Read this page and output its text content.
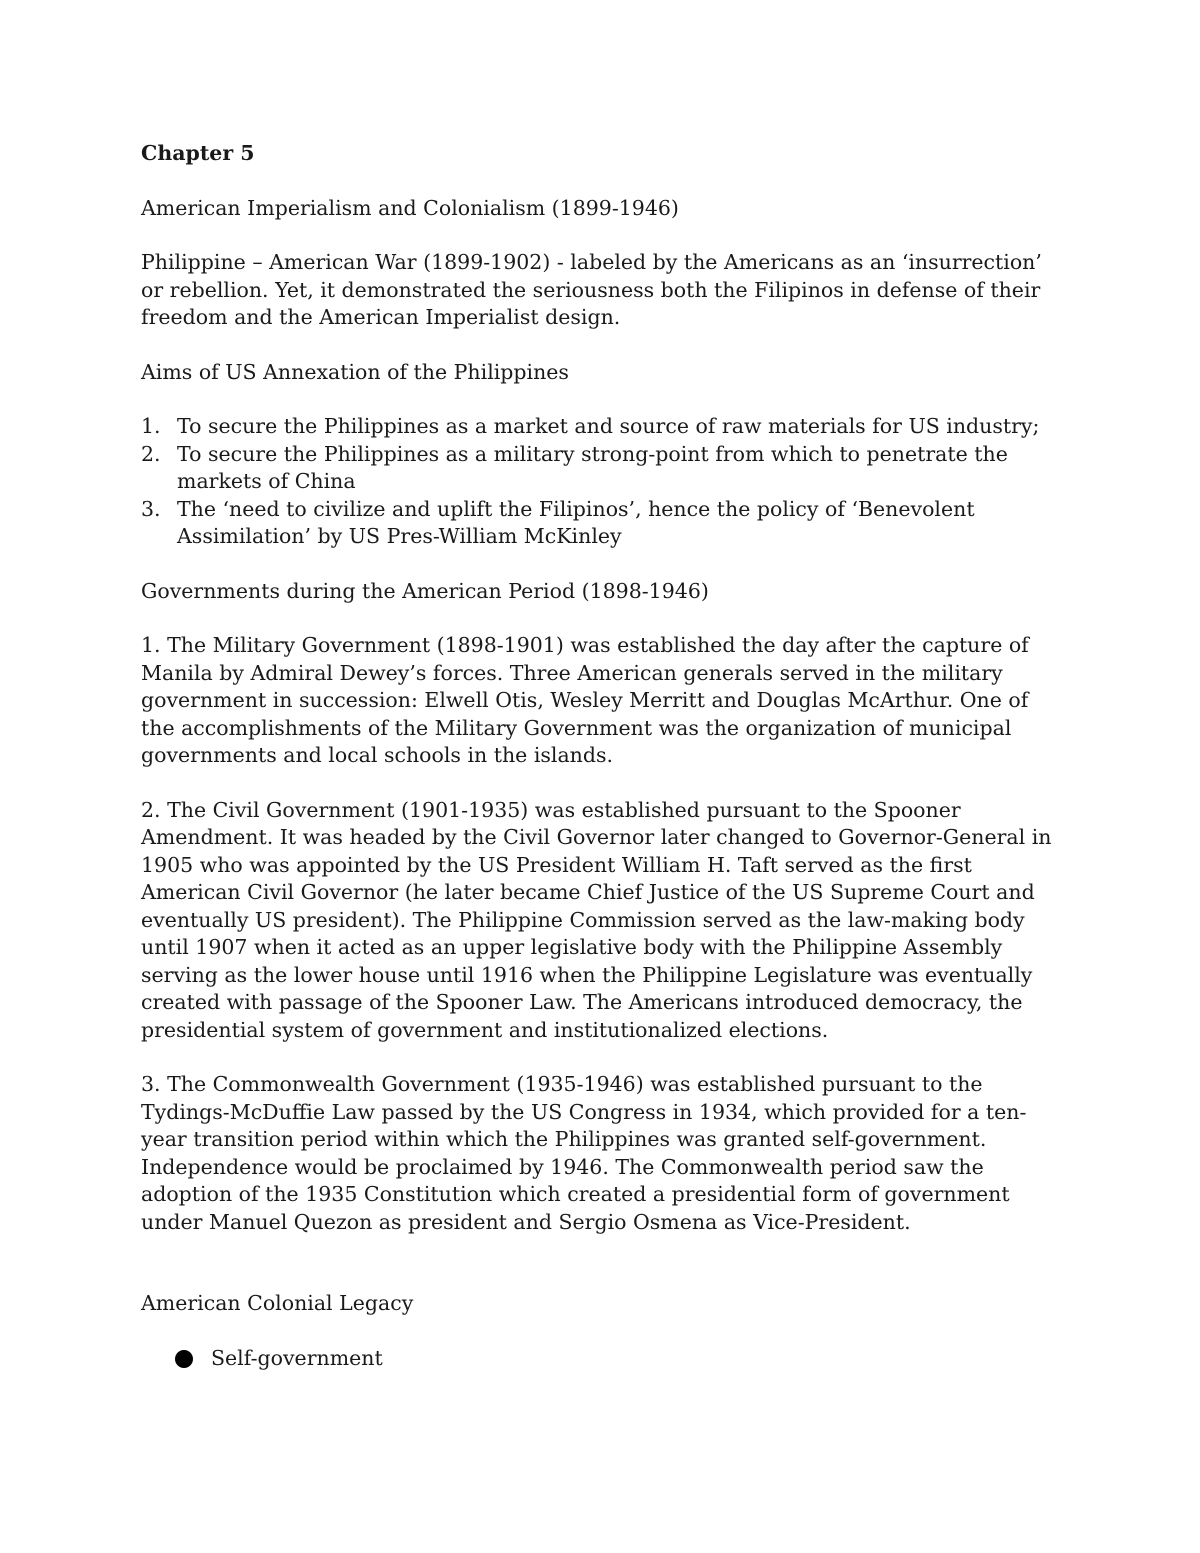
Chapter 5

American Imperialism and Colonialism (1899-1946)

Philippine – American War (1899-1902) - labeled by the Americans as an ‘insurrection’ or rebellion. Yet, it demonstrated the seriousness both the Filipinos in defense of their freedom and the American Imperialist design.

Aims of US Annexation of the Philippines

1. To secure the Philippines as a market and source of raw materials for US industry;
2. To secure the Philippines as a military strong-point from which to penetrate the markets of China
3. The ‘need to civilize and uplift the Filipinos’, hence the policy of ‘Benevolent Assimilation’ by US Pres-William McKinley

Governments during the American Period (1898-1946)

1. The Military Government (1898-1901) was established the day after the capture of Manila by Admiral Dewey’s forces. Three American generals served in the military government in succession: Elwell Otis, Wesley Merritt and Douglas McArthur. One of the accomplishments of the Military Government was the organization of municipal governments and local schools in the islands.

2. The Civil Government (1901-1935) was established pursuant to the Spooner Amendment. It was headed by the Civil Governor later changed to Governor-General in 1905 who was appointed by the US President William H. Taft served as the first American Civil Governor (he later became Chief Justice of the US Supreme Court and eventually US president). The Philippine Commission served as the law-making body until 1907 when it acted as an upper legislative body with the Philippine Assembly serving as the lower house until 1916 when the Philippine Legislature was eventually created with passage of the Spooner Law. The Americans introduced democracy, the presidential system of government and institutionalized elections.

3. The Commonwealth Government (1935-1946) was established pursuant to the Tydings-McDuffie Law passed by the US Congress in 1934, which provided for a ten-year transition period within which the Philippines was granted self-government. Independence would be proclaimed by 1946. The Commonwealth period saw the adoption of the 1935 Constitution which created a presidential form of government under Manuel Quezon as president and Sergio Osmena as Vice-President.

American Colonial Legacy

Self-government
